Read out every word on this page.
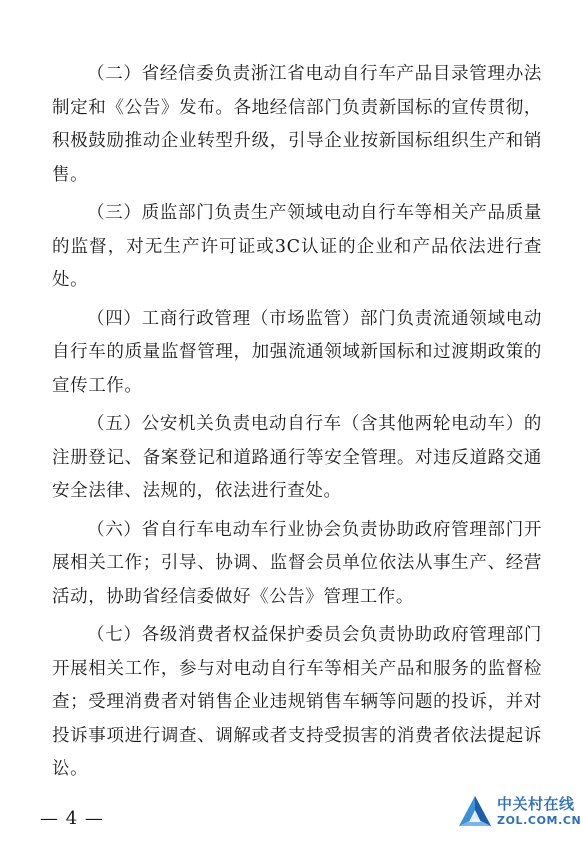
（二）省经信委负责浙江省电动自行车产品目录管理办法制定和《公告》发布。各地经信部门负责新国标的宣传贯彻，积极鼓励推动企业转型升级，引导企业按新国标组织生产和销售。

（三）质监部门负责生产领域电动自行车等相关产品质量的监督，对无生产许可证或3C认证的企业和产品依法进行查处。

（四）工商行政管理（市场监管）部门负责流通领域电动自行车的质量监督管理，加强流通领域新国标和过渡期政策的宣传工作。

（五）公安机关负责电动自行车（含其他两轮电动车）的注册登记、备案登记和道路通行等安全管理。对违反道路交通安全法律、法规的，依法进行查处。

（六）省自行车电动车行业协会负责协助政府管理部门开展相关工作；引导、协调、监督会员单位依法从事生产、经营活动，协助省经信委做好《公告》管理工作。

（七）各级消费者权益保护委员会负责协助政府管理部门开展相关工作，参与对电动自行车等相关产品和服务的监督检查；受理消费者对销售企业违规销售车辆等问题的投诉，并对投诉事项进行调查、调解或者支持受损害的消费者依法提起诉讼。

— 4 —
中关村在线
ZOL.COM.CN
